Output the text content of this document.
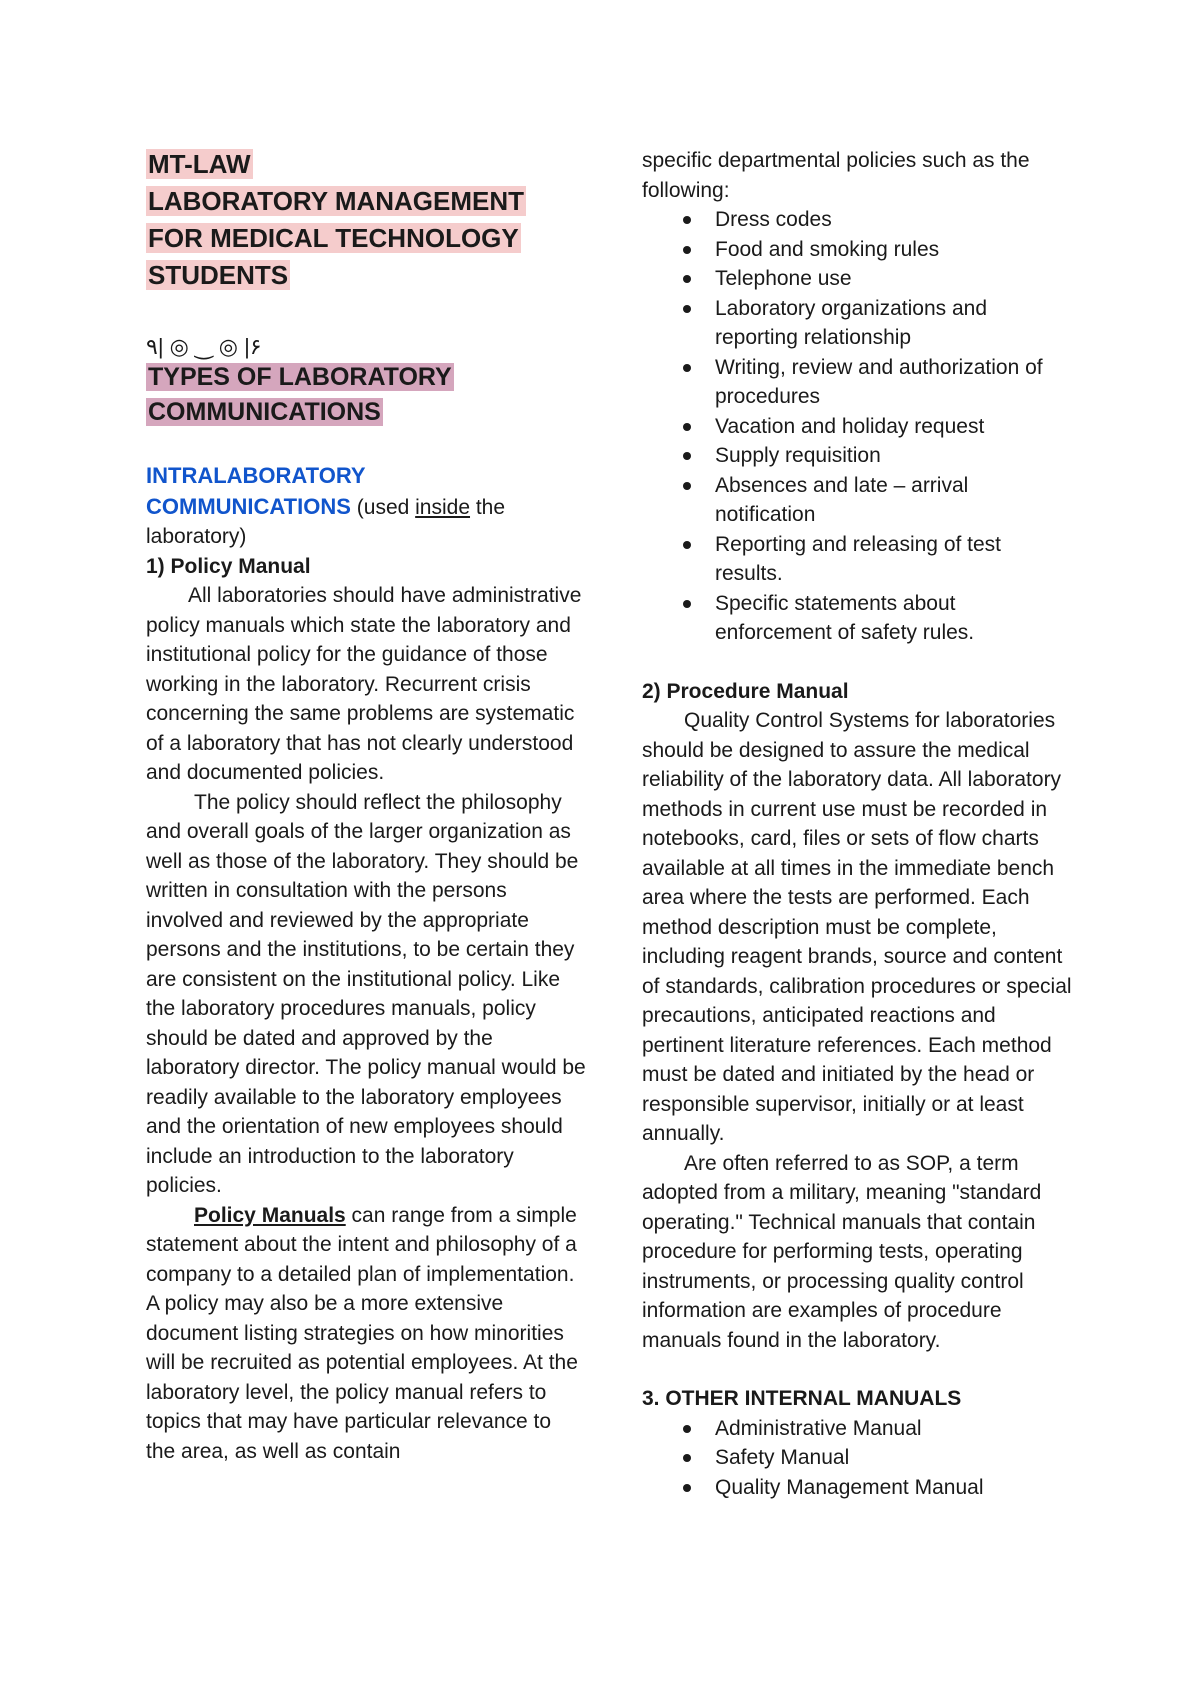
MT-LAW
LABORATORY MANAGEMENT
FOR MEDICAL TECHNOLOGY
STUDENTS
٩| ◎ ‿ ◎ |۶
TYPES OF LABORATORY
COMMUNICATIONS
INTRALABORATORY
COMMUNICATIONS (used inside the laboratory)

1) Policy Manual

All laboratories should have administrative policy manuals which state the laboratory and institutional policy for the guidance of those working in the laboratory. Recurrent crisis concerning the same problems are systematic of a laboratory that has not clearly understood and documented policies.

The policy should reflect the philosophy and overall goals of the larger organization as well as those of the laboratory. They should be written in consultation with the persons involved and reviewed by the appropriate persons and the institutions, to be certain they are consistent on the institutional policy. Like the laboratory procedures manuals, policy should be dated and approved by the laboratory director. The policy manual would be readily available to the laboratory employees and the orientation of new employees should include an introduction to the laboratory policies.

Policy Manuals can range from a simple statement about the intent and philosophy of a company to a detailed plan of implementation. A policy may also be a more extensive document listing strategies on how minorities will be recruited as potential employees. At the laboratory level, the policy manual refers to topics that may have particular relevance to the area, as well as contain

specific departmental policies such as the following:

Dress codes
Food and smoking rules
Telephone use
Laboratory organizations and reporting relationship
Writing, review and authorization of procedures
Vacation and holiday request
Supply requisition
Absences and late – arrival notification
Reporting and releasing of test results.
Specific statements about enforcement of safety rules.

2) Procedure Manual

Quality Control Systems for laboratories should be designed to assure the medical reliability of the laboratory data. All laboratory methods in current use must be recorded in notebooks, card, files or sets of flow charts available at all times in the immediate bench area where the tests are performed. Each method description must be complete, including reagent brands, source and content of standards, calibration procedures or special precautions, anticipated reactions and pertinent literature references. Each method must be dated and initiated by the head or responsible supervisor, initially or at least annually.

Are often referred to as SOP, a term adopted from a military, meaning "standard operating." Technical manuals that contain procedure for performing tests, operating instruments, or processing quality control information are examples of procedure manuals found in the laboratory.

3. OTHER INTERNAL MANUALS

Administrative Manual
Safety Manual
Quality Management Manual
